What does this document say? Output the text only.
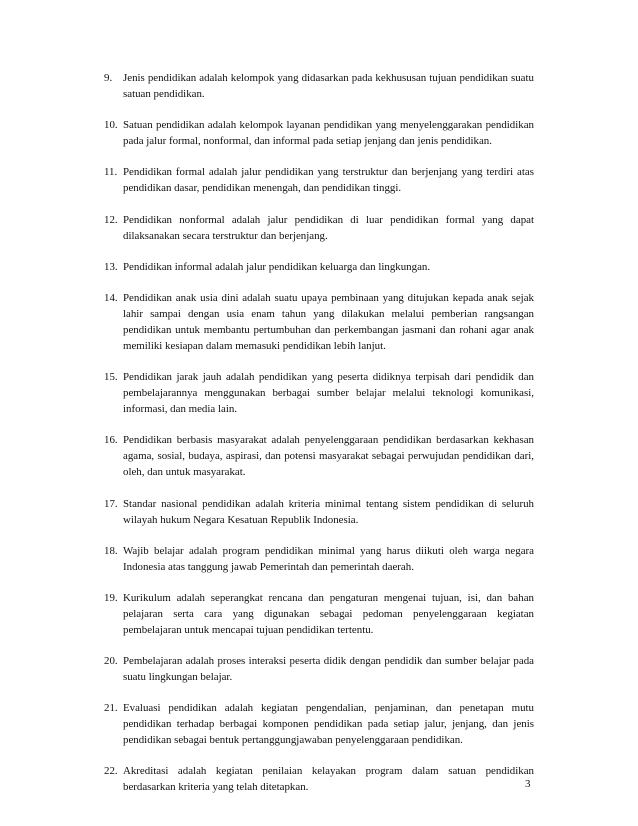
9. Jenis pendidikan adalah kelompok yang didasarkan pada kekhususan tujuan pendidikan suatu satuan pendidikan.
10. Satuan pendidikan adalah kelompok layanan pendidikan yang menyelenggarakan pendidikan pada jalur formal, nonformal, dan informal pada setiap jenjang dan jenis pendidikan.
11. Pendidikan formal adalah jalur pendidikan yang terstruktur dan berjenjang yang terdiri atas pendidikan dasar, pendidikan menengah, dan pendidikan tinggi.
12. Pendidikan nonformal adalah jalur pendidikan di luar pendidikan formal yang dapat dilaksanakan secara terstruktur dan berjenjang.
13. Pendidikan informal adalah jalur pendidikan keluarga dan lingkungan.
14. Pendidikan anak usia dini adalah suatu upaya pembinaan yang ditujukan kepada anak sejak lahir sampai dengan usia enam tahun yang dilakukan melalui pemberian rangsangan pendidikan untuk membantu pertumbuhan dan perkembangan jasmani dan rohani agar anak memiliki kesiapan dalam memasuki pendidikan lebih lanjut.
15. Pendidikan jarak jauh adalah pendidikan yang peserta didiknya terpisah dari pendidik dan pembelajarannya menggunakan berbagai sumber belajar melalui teknologi komunikasi, informasi, dan media lain.
16. Pendidikan berbasis masyarakat adalah penyelenggaraan pendidikan berdasarkan kekhasan agama, sosial, budaya, aspirasi, dan potensi masyarakat sebagai perwujudan pendidikan dari, oleh, dan untuk masyarakat.
17. Standar nasional pendidikan adalah kriteria minimal tentang sistem pendidikan di seluruh wilayah hukum Negara Kesatuan Republik Indonesia.
18. Wajib belajar adalah program pendidikan minimal yang harus diikuti oleh warga negara Indonesia atas tanggung jawab Pemerintah dan pemerintah daerah.
19. Kurikulum adalah seperangkat rencana dan pengaturan mengenai tujuan, isi, dan bahan pelajaran serta cara yang digunakan sebagai pedoman penyelenggaraan kegiatan pembelajaran untuk mencapai tujuan pendidikan tertentu.
20. Pembelajaran adalah proses interaksi peserta didik dengan pendidik dan sumber belajar pada suatu lingkungan belajar.
21. Evaluasi pendidikan adalah kegiatan pengendalian, penjaminan, dan penetapan mutu pendidikan terhadap berbagai komponen pendidikan pada setiap jalur, jenjang, dan jenis pendidikan sebagai bentuk pertanggungjawaban penyelenggaraan pendidikan.
22. Akreditasi adalah kegiatan penilaian kelayakan program dalam satuan pendidikan berdasarkan kriteria yang telah ditetapkan.	3
